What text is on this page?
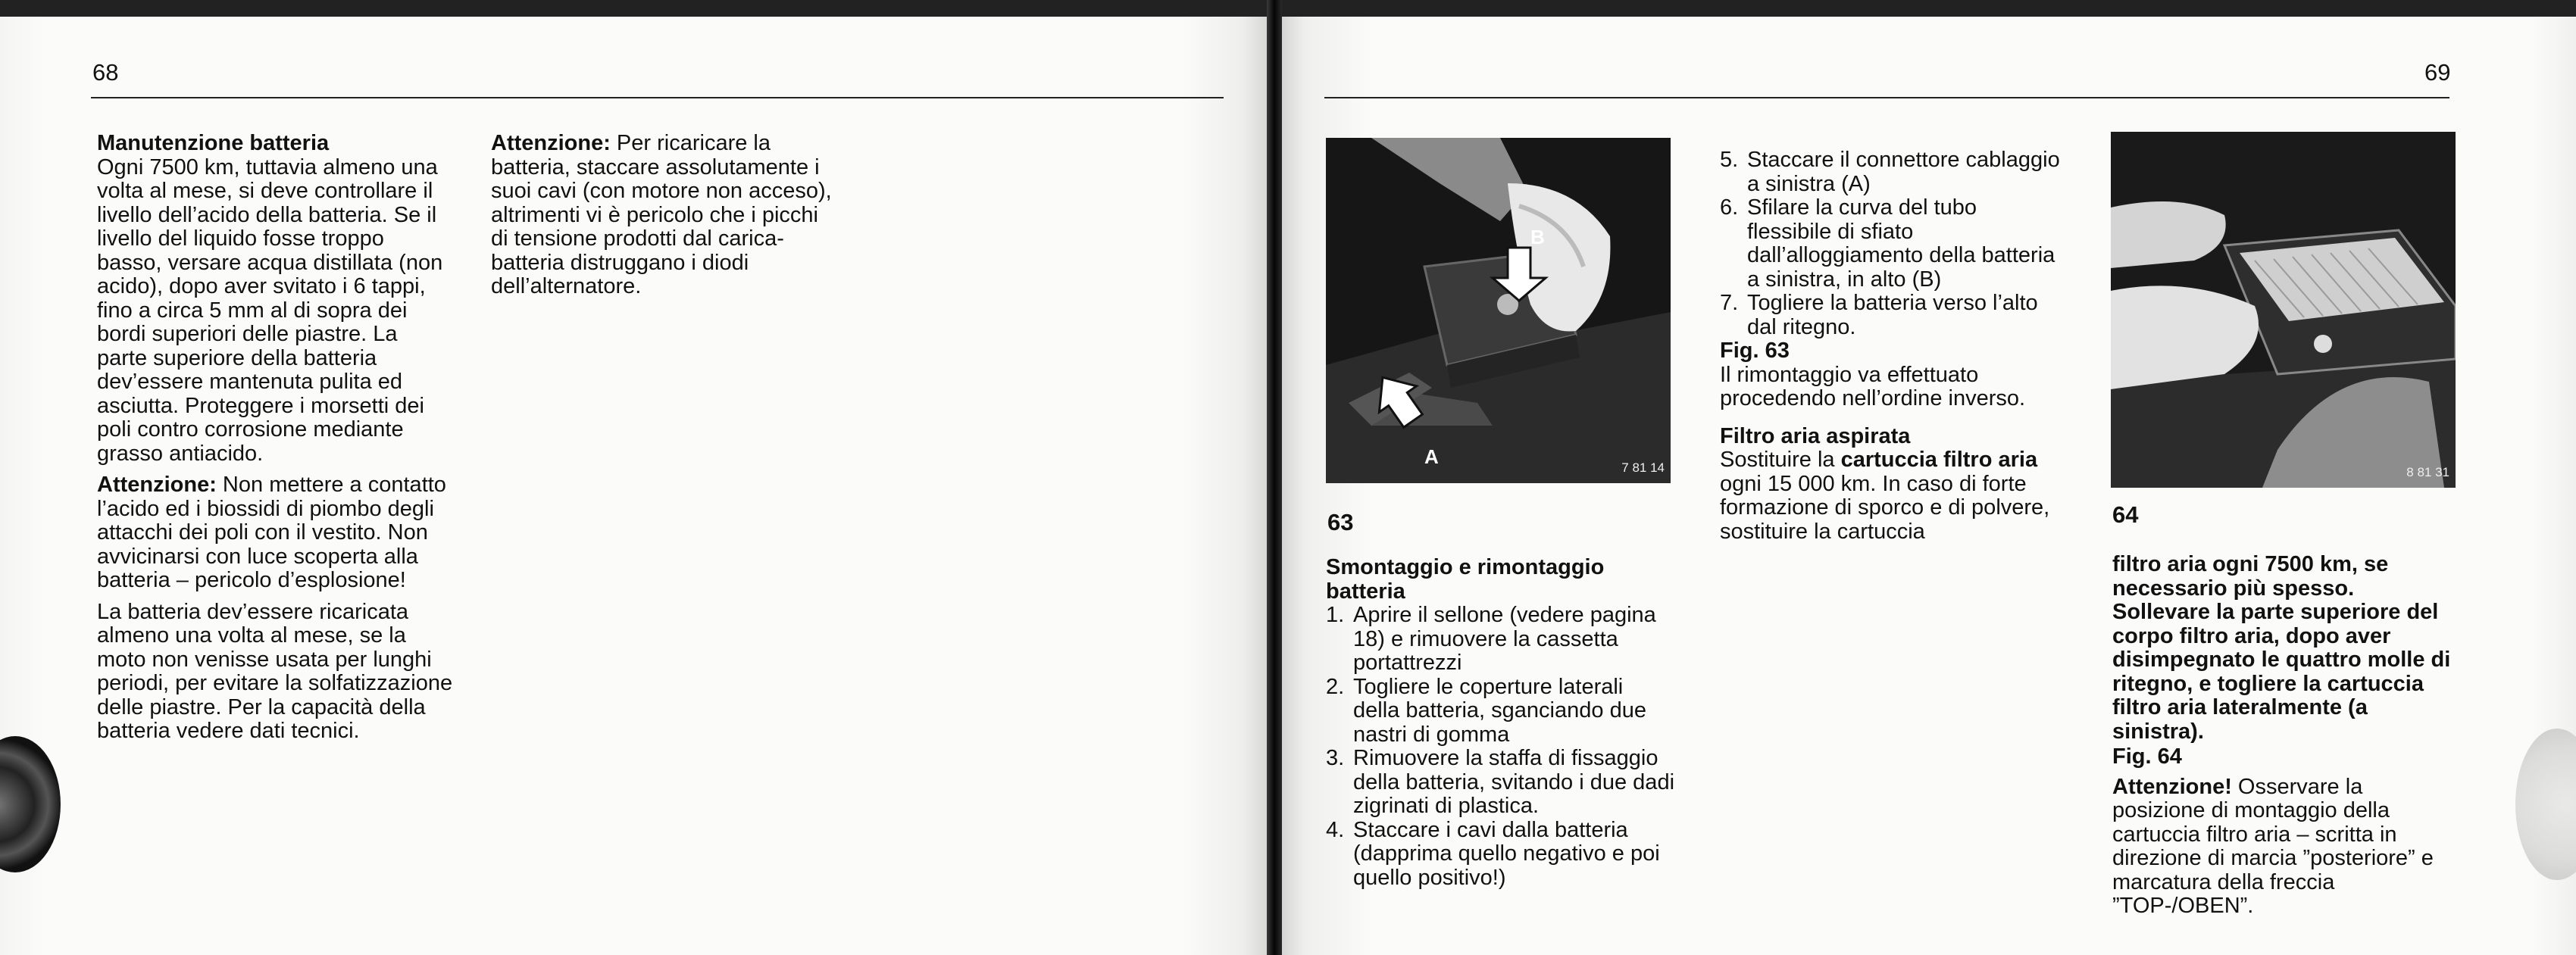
68
Manutenzione batteria

Ogni 7500 km, tuttavia almeno una volta al mese, si deve controllare il livello dell’acido della batteria. Se il livello del liquido fosse troppo basso, versare acqua distillata (non acido), dopo aver svitato i 6 tappi, fino a circa 5 mm al di sopra dei bordi superiori delle piastre. La parte superiore della batteria dev’essere mantenuta pulita ed asciutta. Proteggere i morsetti dei poli contro corrosione mediante grasso antiacido.

Attenzione: Non mettere a contatto l’acido ed i biossidi di piombo degli attacchi dei poli con il vestito. Non avvicinarsi con luce scoperta alla batteria – pericolo d’esplosione!

La batteria dev’essere ricaricata almeno una volta al mese, se la moto non venisse usata per lunghi periodi, per evitare la solfatizzazione delle piastre. Per la capacità della batteria vedere dati tecnici.

Attenzione: Per ricaricare la batteria, staccare assolutamente i suoi cavi (con motore non acceso), altrimenti vi è pericolo che i picchi di tensione prodotti dal carica-batteria distruggano i diodi dell’alternatore.

69
B
A	7 81 14
63
Smontaggio e rimontaggio batteria
1. Aprire il sellone (vedere pagina 18) e rimuovere la cassetta portattrezzi
2. Togliere le coperture laterali della batteria, sganciando due nastri di gomma
3. Rimuovere la staffa di fissaggio della batteria, svitando i due dadi zigrinati di plastica.
4. Staccare i cavi dalla batteria (dapprima quello negativo e poi quello positivo!)
5. Staccare il connettore cablaggio a sinistra (A)
6. Sfilare la curva del tubo flessibile di sfiato dall’alloggiamento della batteria a sinistra, in alto (B)
7. Togliere la batteria verso l’alto dal ritegno.
Fig. 63

Il rimontaggio va effettuato procedendo nell’ordine inverso.

Filtro aria aspirata

Sostituire la cartuccia filtro aria ogni 15 000 km. In caso di forte formazione di sporco e di polvere, sostituire la cartuccia

8 81 31
64

filtro aria ogni 7500 km, se necessario più spesso. Sollevare la parte superiore del corpo filtro aria, dopo aver disimpegnato le quattro molle di ritegno, e togliere la cartuccia filtro aria lateralmente (a sinistra).

Fig. 64

Attenzione! Osservare la posizione di montaggio della cartuccia filtro aria – scritta in direzione di marcia ”posteriore” e marcatura della freccia ”TOP-/OBEN”.
